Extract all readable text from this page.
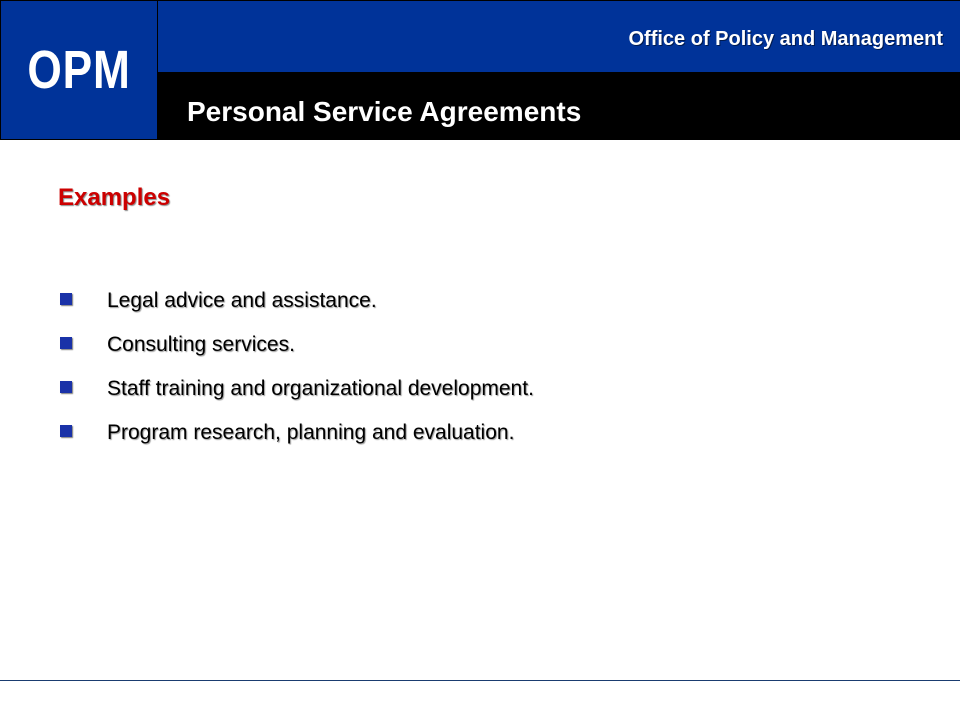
OPM
Office of Policy and Management
Personal Service Agreements
Examples
Legal advice and assistance.
Consulting services.
Staff training and organizational development.
Program research, planning and evaluation.
